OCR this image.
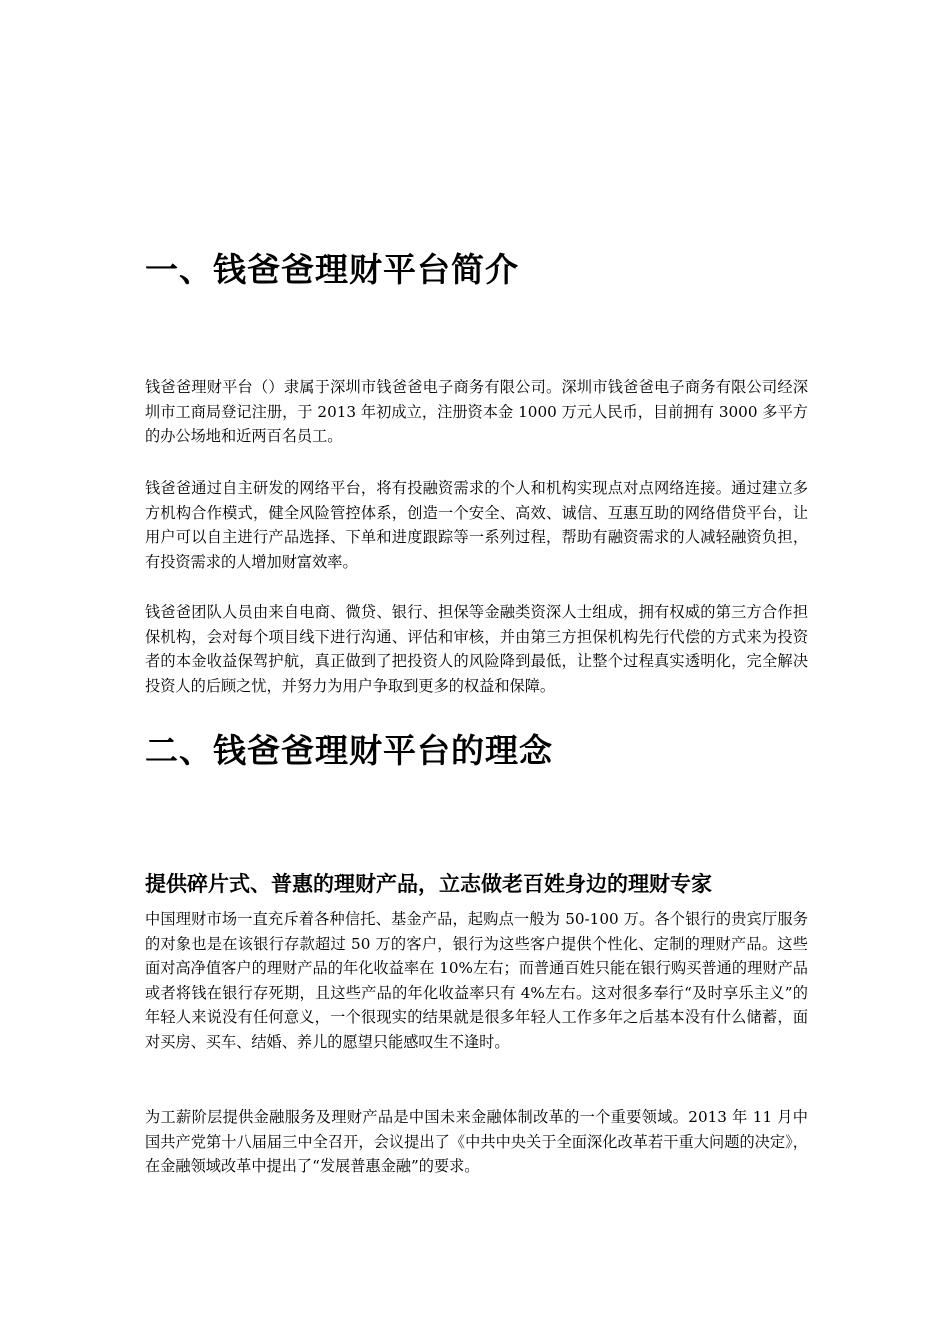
一、钱爸爸理财平台简介

钱爸爸理财平台（）隶属于深圳市钱爸爸电子商务有限公司。深圳市钱爸爸电子商务有限公司经深圳市工商局登记注册，于 2013 年初成立，注册资本金 1000 万元人民币，目前拥有 3000 多平方的办公场地和近两百名员工。

钱爸爸通过自主研发的网络平台，将有投融资需求的个人和机构实现点对点网络连接。通过建立多方机构合作模式，健全风险管控体系，创造一个安全、高效、诚信、互惠互助的网络借贷平台，让用户可以自主进行产品选择、下单和进度跟踪等一系列过程，帮助有融资需求的人减轻融资负担，有投资需求的人增加财富效率。

钱爸爸团队人员由来自电商、微贷、银行、担保等金融类资深人士组成，拥有权威的第三方合作担保机构，会对每个项目线下进行沟通、评估和审核，并由第三方担保机构先行代偿的方式来为投资者的本金收益保驾护航，真正做到了把投资人的风险降到最低，让整个过程真实透明化，完全解决投资人的后顾之忧，并努力为用户争取到更多的权益和保障。

二、钱爸爸理财平台的理念
提供碎片式、普惠的理财产品，立志做老百姓身边的理财专家

中国理财市场一直充斥着各种信托、基金产品，起购点一般为 50-100 万。各个银行的贵宾厅服务的对象也是在该银行存款超过 50 万的客户，银行为这些客户提供个性化、定制的理财产品。这些面对高净值客户的理财产品的年化收益率在 10%左右；而普通百姓只能在银行购买普通的理财产品或者将钱在银行存死期，且这些产品的年化收益率只有 4%左右。这对很多奉行“及时享乐主义”的年轻人来说没有任何意义，一个很现实的结果就是很多年轻人工作多年之后基本没有什么储蓄，面对买房、买车、结婚、养儿的愿望只能感叹生不逢时。

为工薪阶层提供金融服务及理财产品是中国未来金融体制改革的一个重要领域。2013 年 11 月中国共产党第十八届届三中全召开，会议提出了《中共中央关于全面深化改革若干重大问题的决定》，在金融领域改革中提出了“发展普惠金融”的要求。
